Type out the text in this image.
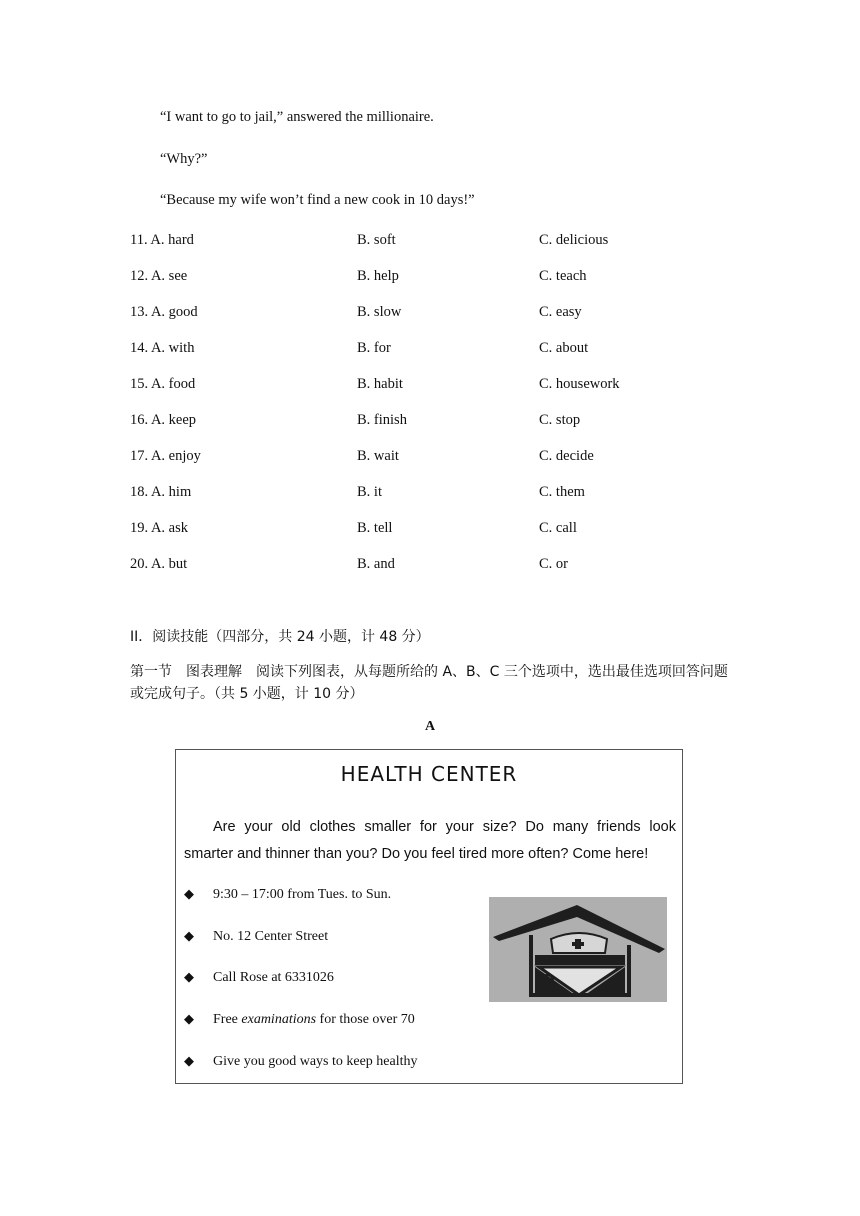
“I want to go to jail,” answered the millionaire.

“Why?”

“Because my wife won’t find a new cook in 10 days!”

11. A. hard	B. soft	C. delicious
12. A. see	B. help	C. teach
13. A. good	B. slow	C. easy
14. A. with	B. for	C. about
15. A. food	B. habit	C. housework
16. A. keep	B. finish	C. stop
17. A. enjoy	B. wait	C. decide
18. A. him	B. it	C. them
19. A. ask	B. tell	C. call
20. A. but	B. and	C. or

II．阅读技能（四部分，共 24 小题，计 48 分）

第一节　图表理解　阅读下列图表，从每题所给的 A、B、C 三个选项中，选出最佳选项回答问题或完成句子。（共 5 小题，计 10 分）

A
HEALTH CENTER

Are your old clothes smaller for your size? Do many friends look smarter and thinner than you? Do you feel tired more often? Come here!

◆ 9:30 – 17:00 from Tues. to Sun.
◆ No. 12 Center Street
◆ Call Rose at 6331026
◆ Free examinations for those over 70
◆ Give you good ways to keep healthy
